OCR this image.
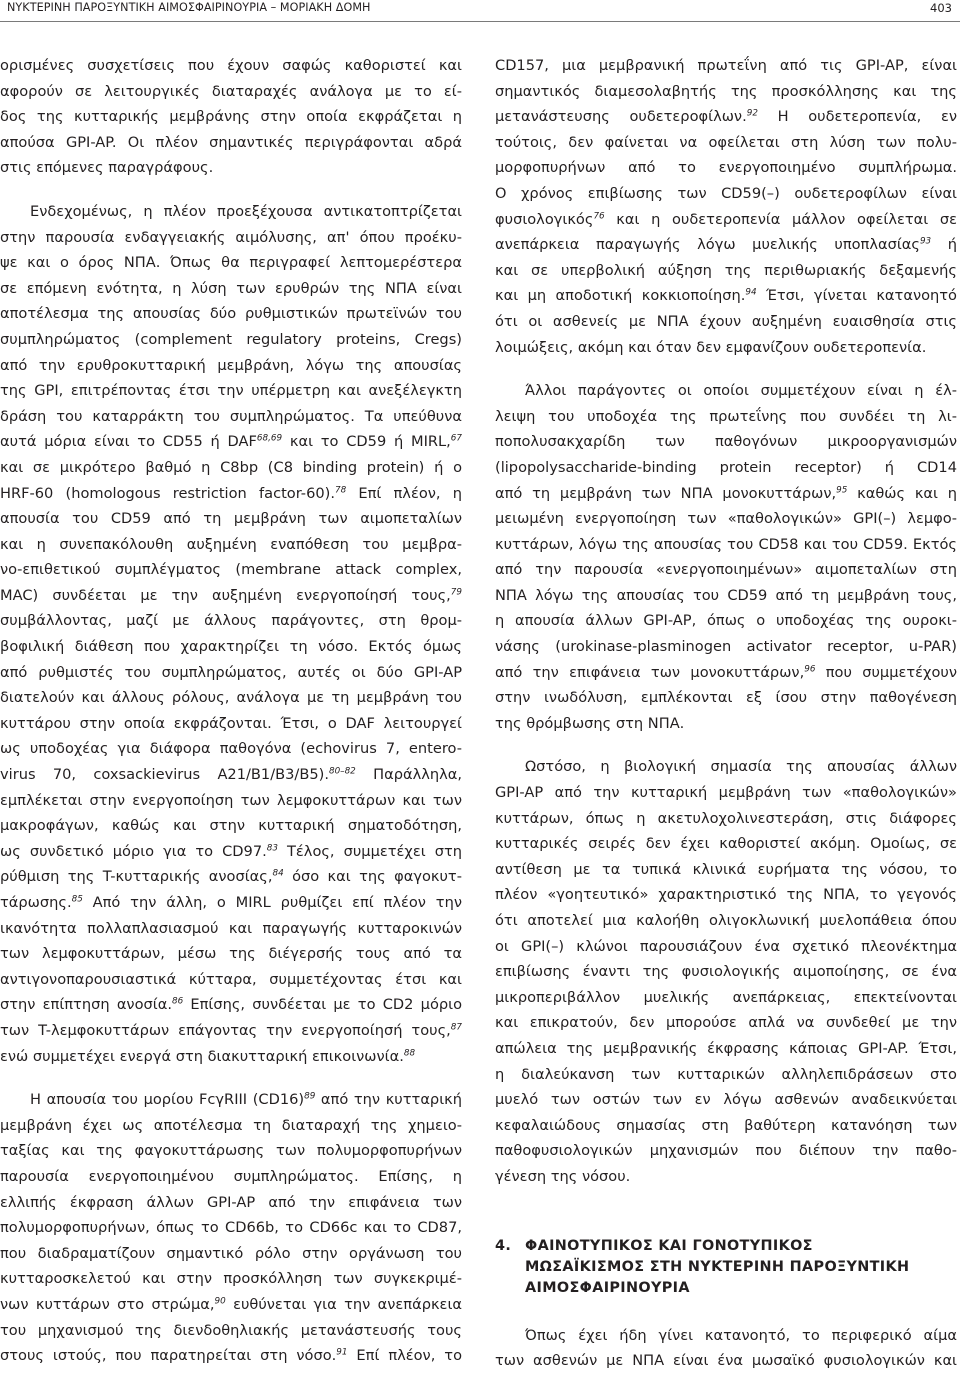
ΝΥΚΤΕΡΙΝΗ ΠΑΡΟΞΥΝΤΙΚΗ ΑΙΜΟΣΦΑΙΡΙΝΟΥΡΙΑ – ΜΟΡΙΑΚΗ ΔΟΜΗ	403
ορισμένες συσχετίσεις που έχουν σαφώς καθοριστεί και
αφορούν σε λειτουργικές διαταραχές ανάλογα με το εί-
δος της κυτταρικής μεμβράνης στην οποία εκφράζεται η
απούσα GPI-AP. Οι πλέον σημαντικές περιγράφονται αδρά
στις επόμενες παραγράφους.
Ενδεχομένως, η πλέον προεξέχουσα αντικατοπτρίζεται
στην παρουσία ενδαγγειακής αιμόλυσης, απ' όπου προέκυ-
ψε και ο όρος ΝΠΑ. Όπως θα περιγραφεί λεπτομερέστερα
σε επόμενη ενότητα, η λύση των ερυθρών της ΝΠΑ είναι
αποτέλεσμα της απουσίας δύο ρυθμιστικών πρωτεϊνών του
συμπληρώματος (complement regulatory proteins, Cregs)
από την ερυθροκυτταρική μεμβράνη, λόγω της απουσίας
της GPI, επιτρέποντας έτσι την υπέρμετρη και ανεξέλεγκτη
δράση του καταρράκτη του συμπληρώματος. Τα υπεύθυνα
αυτά μόρια είναι το CD55 ή DAF$^{68,69}$ και το CD59 ή MIRL,$^{67}$
και σε μικρότερο βαθμό η C8bp (C8 binding protein) ή ο
HRF-60 (homologous restriction factor-60).$^{78}$ Επί πλέον, η
απουσία του CD59 από τη μεμβράνη των αιμοπεταλίων
και η συνεπακόλουθη αυξημένη εναπόθεση του μεμβρα-
νο-επιθετικού συμπλέγματος (membrane attack complex,
MAC) συνδέεται με την αυξημένη ενεργοποίησή τους,$^{79}$
συμβάλλοντας, μαζί με άλλους παράγοντες, στη θρομ-
βοφιλική διάθεση που χαρακτηρίζει τη νόσο. Εκτός όμως
από ρυθμιστές του συμπληρώματος, αυτές οι δύο GPI-AP
διατελούν και άλλους ρόλους, ανάλογα με τη μεμβράνη του
κυττάρου στην οποία εκφράζονται. Έτσι, ο DAF λειτουργεί
ως υποδοχέας για διάφορα παθογόνα (echovirus 7, entero-
virus 70, coxsackievirus A21/B1/B3/B5).$^{80-82}$ Παράλληλα,
εμπλέκεται στην ενεργοποίηση των λεμφοκυττάρων και των
μακροφάγων, καθώς και στην κυτταρική σηματοδότηση,
ως συνδετικό μόριο για το CD97.83 Τέλος, συμμετέχει στη
ρύθμιση της T-κυτταρικής ανοσίας,$^{84}$ όσο και της φαγοκυτ-
τάρωσης.$^{85}$ Από την άλλη, ο MIRL ρυθμίζει επί πλέον την
ικανότητα πολλαπλασιασμού και παραγωγής κυτταροκινών
των λεμφοκυττάρων, μέσω της διέγερσής τους από τα
αντιγονοπαρουσιαστικά κύτταρα, συμμετέχοντας έτσι και
στην επίπτηση ανοσία.$^{86}$ Επίσης, συνδέεται με το CD2 μόριο
των T-λεμφοκυττάρων επάγοντας την ενεργοποίησή τους,$^{87}$
ενώ συμμετέχει ενεργά στη διακυτταρική επικοινωνία.$^{88}$
Η απουσία του μορίου FcγRIII $(CD16)^{89}$ από την κυτταρική
μεμβράνη έχει ως αποτέλεσμα τη διαταραχή της χημειο-
ταξίας και της φαγοκυττάρωσης των πολυμορφοπυρήνων
παρουσία ενεργοποιημένου συμπληρώματος. Επίσης, η
ελλιπής έκφραση άλλων GPI-AP από την επιφάνεια των
πολυμορφοπυρήνων, όπως το CD66b, το CD66c και το CD87,
που διαδραματίζουν σημαντικό ρόλο στην οργάνωση του
κυτταροσκελετού και στην προσκόλληση των συγκεκριμέ-
νων κυττάρων στο στρώμα,$^{90}$ ευθύνεται για την ανεπάρκεια
του μηχανισμού της διενδοθηλιακής μετανάστευσής τους
στους ιστούς, που παρατηρείται στη νόσο.$^{91}$ Επί πλέον, το
CD157, μια μεμβρανική πρωτεΐνη από τις GPI-AP, είναι
σημαντικός διαμεσολαβητής της προσκόλλησης και της
μετανάστευσης ουδετεροφίλων.$^{92}$ Η ουδετεροπενία, εν
τούτοις, δεν φαίνεται να οφείλεται στη λύση των πολυ-
μορφοπυρήνων από το ενεργοποιημένο συμπλήρωμα.
Ο χρόνος επιβίωσης των CD59(–) ουδετεροφίλων είναι
φυσιολογικός$^{76}$ και η ουδετεροπενία μάλλον οφείλεται σε
ανεπάρκεια παραγωγής λόγω μυελικής υποπλασίας$^{93}$ ή
και σε υπερβολική αύξηση της περιθωριακής δεξαμενής
και μη αποδοτική κοκκιοποίηση.$^{94}$ Έτσι, γίνεται κατανοητό
ότι οι ασθενείς με ΝΠΑ έχουν αυξημένη ευαισθησία στις
λοιμώξεις, ακόμη και όταν δεν εμφανίζουν ουδετεροπενία.
Άλλοι παράγοντες οι οποίοι συμμετέχουν είναι η έλ-
λειψη του υποδοχέα της πρωτεΐνης που συνδέει τη λι-
ποπολυσακχαρίδη των παθογόνων μικροοργανισμών
(lipopolysaccharide-binding protein receptor) ή CD14
από τη μεμβράνη των ΝΠΑ μονοκυττάρων,$^{95}$ καθώς και η
μειωμένη ενεργοποίηση των «παθολογικών» GPI(–) λεμφο-
κυττάρων, λόγω της απουσίας του CD58 και του CD59. Εκτός
από την παρουσία «ενεργοποιημένων» αιμοπεταλίων στη
ΝΠΑ λόγω της απουσίας του CD59 από τη μεμβράνη τους,
η απουσία άλλων GPI-AP, όπως ο υποδοχέας της ουροκι-
νάσης (urokinase-plasminogen activator receptor, u-PAR)
από την επιφάνεια των μονοκυττάρων,$^{96}$ που συμμετέχουν
στην ινωδόλυση, εμπλέκονται εξ ίσου στην παθογένεση
της θρόμβωσης στη ΝΠΑ.
Ωστόσο, η βιολογική σημασία της απουσίας άλλων
GPI-AP από την κυτταρική μεμβράνη των «παθολογικών»
κυττάρων, όπως η ακετυλοχολινεστεράση, στις διάφορες
κυτταρικές σειρές δεν έχει καθοριστεί ακόμη. Ομοίως, σε
αντίθεση με τα τυπικά κλινικά ευρήματα της νόσου, το
πλέον «γοητευτικό» χαρακτηριστικό της ΝΠΑ, το γεγονός
ότι αποτελεί μια καλοήθη ολιγοκλωνική μυελοπάθεια όπου
οι GPI(–) κλώνοι παρουσιάζουν ένα σχετικό πλεονέκτημα
επιβίωσης έναντι της φυσιολογικής αιμοποίησης, σε ένα
μικροπεριβάλλον μυελικής ανεπάρκειας, επεκτείνονται
και επικρατούν, δεν μπορούσε απλά να συνδεθεί με την
απώλεια της μεμβρανικής έκφρασης κάποιας GPI-AP. Έτσι,
η διαλεύκανση των κυτταρικών αλληλεπιδράσεων στο
μυελό των οστών των εν λόγω ασθενών αναδεικνύεται
κεφαλαιώδους σημασίας στη βαθύτερη κατανόηση των
παθοφυσιολογικών μηχανισμών που διέπουν την παθο-
γένεση της νόσου.
4. ΦΑΙΝΟΤΥΠΙΚΟΣ ΚΑΙ ΓΟΝΟΤΥΠΙΚΟΣ
ΜΩΣΑΪΚΙΣΜΟΣ ΣΤΗ ΝΥΚΤΕΡΙΝΗ ΠΑΡΟΞΥΝΤΙΚΗ
ΑΙΜΟΣΦΑΙΡΙΝΟΥΡΙΑ
Όπως έχει ήδη γίνει κατανοητό, το περιφερικό αίμα
των ασθενών με ΝΠΑ είναι ένα μωσαϊκό φυσιολογικών και
